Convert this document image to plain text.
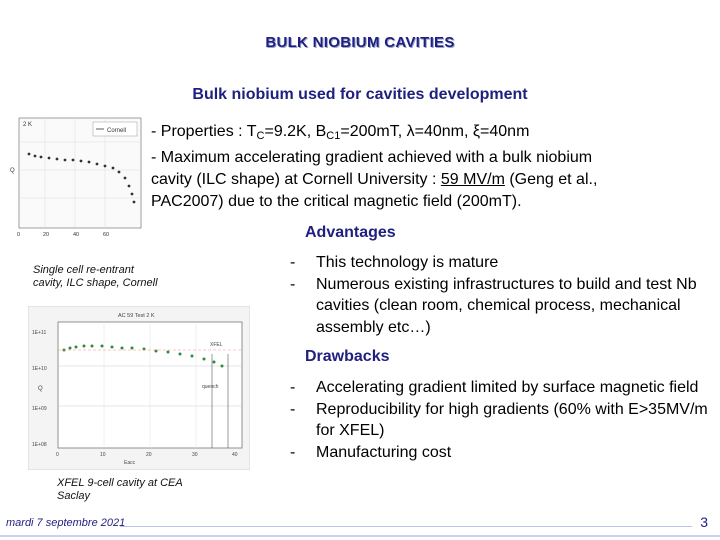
BULK NIOBIUM CAVITIES
Bulk niobium used for cavities development
Cornell
2 K
Q
0	20	40	60
- Properties : $T_C=9.2K$, $B_{C1}=200mT$, λ=40nm, ξ=40nm
- Maximum accelerating gradient achieved with a bulk niobium
cavity (ILC shape) at Cornell University : 59 MV/m (Geng et al.,
PAC2007) due to the critical magnetic field (200mT).
Advantages
Single cell re-entrant cavity, ILC shape, Cornell
- This technology is mature
- Numerous existing infrastructures to build and test Nb cavities (clean room, chemical process, mechanical assembly etc…)
Drawbacks
AC 59 Test 2 K
XFEL
quench
1E+11
1E+10
1E+09
1E+08
0	10	20	30	40
Q
Eacc
- Accelerating gradient limited by surface magnetic field
- Reproducibility for high gradients (60% with E>35MV/m for XFEL)
- Manufacturing cost
XFEL 9-cell cavity at CEA Saclay
mardi 7 septembre 2021	3
